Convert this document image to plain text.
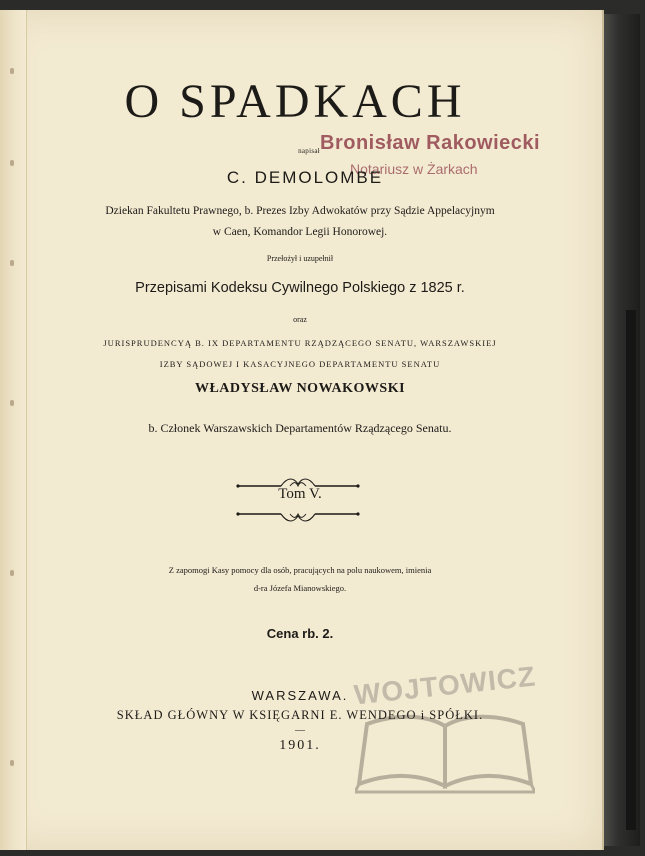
O SPADKACH
napisał Bronisław Rakowiecki
Notariusz w Żarkach
C. DEMOLOMBE
Dziekan Fakultetu Prawnego, b. Prezes Izby Adwokatów przy Sądzie Appelacyjnym
w Caen, Komandor Legii Honorowej.
Przełożył i uzupełnił
Przepisami Kodeksu Cywilnego Polskiego z 1825 r.
oraz
JURISPRUDENCYĄ B. IX DEPARTAMENTU RZĄDZĄCEGO SENATU, WARSZAWSKIEJ
IZBY SĄDOWEJ I KASACYJNEGO DEPARTAMENTU SENATU
WŁADYSŁAW NOWAKOWSKI
b. Członek Warszawskich Departamentów Rządzącego Senatu.
Tom V.
Z zapomogi Kasy pomocy dla osób, pracujących na polu naukowem, imienia
d-ra Józefa Mianowskiego.
Cena rb. 2.
WOJTOWICZ
WARSZAWA.
SKŁAD GŁÓWNY W KSIĘGARNI E. WENDEGO i SPÓŁKI.
—
1901.
